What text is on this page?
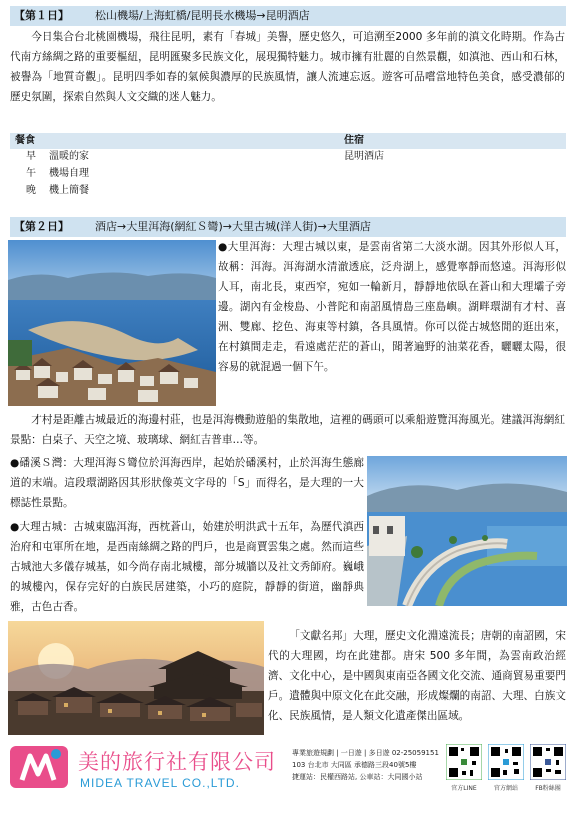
【第１日】 松山機場/上海虹橋/昆明長水機場→昆明酒店

今日集合台北桃園機場，飛往昆明，素有「春城」美譽，歷史悠久，可追溯至2000 多年前的滇文化時期。作為古代南方絲綢之路的重要樞紐，昆明匯聚多民族文化，展現獨特魅力。城市擁有壯麗的自然景觀，如滇池、西山和石林，被譽為「地質奇觀」。昆明四季如春的氣候與濃厚的民族風情，讓人流連忘返。遊客可品嚐當地特色美食，感受濃郁的歷史氛圍，探索自然與人文交織的迷人魅力。

餐食	住宿
早 溫暖的家	昆明酒店
午 機場自理
晚 機上簡餐
【第２日】 酒店→大里洱海(網紅Ｓ彎)→大里古城(洋人街)→大里酒店

●大里洱海：大理古城以東，是雲南省第二大淡水湖。因其外形似人耳，故稱：洱海。洱海湖水清澈透底，泛舟湖上，感覺寧靜而悠遠。洱海形似人耳，南北長，東西窄，宛如一輪新月，靜靜地依臥在蒼山和大理壩子旁邊。湖內有金梭島、小普陀和南詔風情島三座島嶼。湖畔環湖有才村、喜洲、雙廊、挖色、海東等村鎮，各具風情。你可以從古城悠閒的逛出來，在村鎮間走走，看遠處茫茫的蒼山，聞著遍野的油菜花香，曬曬太陽，很容易的就混過一個下午。

才村是距離古城最近的海邊村莊，也是洱海機動遊船的集散地，這裡的碼頭可以乘船遊覽洱海風光。建議洱海網紅景點：白桌子、天空之境、玻璃球、網紅吉普車…等。

●磻溪Ｓ灣：大理洱海Ｓ彎位於洱海西岸，起始於磻溪村，止於洱海生態廊道的末端。這段環湖路因其形狀像英文字母的「S」而得名，是大理的一大標誌性景點。

●大理古城：古城東臨洱海，西枕蒼山，始建於明洪武十五年，為歷代滇西治府和屯軍所在地，是西南絲綢之路的門戶，也是商賈雲集之處。然而這些古城池大多儀存城基，如今尚存南北城樓，部分城牆以及社文秀師府。巍峨的城樓內，保存完好的白族民居建築，小巧的庭院，靜靜的街道，幽靜典雅，古色古香。

「文獻名邦」大理，歷史文化淵遠流長；唐朝的南詔國，宋代的大理國，均在此建都。唐宋 500 多年間，為雲南政治經濟、文化中心，是中國與東南亞各國文化交流、通商貿易重要門戶。遺體與中原文化在此交融，形成燦爛的南詔、大理、白族文化、民族風情，是人類文化遺產傑出區域。

美的旅行社有限公司
MIDEA TRAVEL CO.,LTD.
專業旅遊規劃 | 一日遊 | 多日遊 02-25059151
103 台北市 大同區 承德路三段40號5樓
捷運站：民權西路站, 公車站：大同國小站
官方LINE	官方網站	FB粉絲團
